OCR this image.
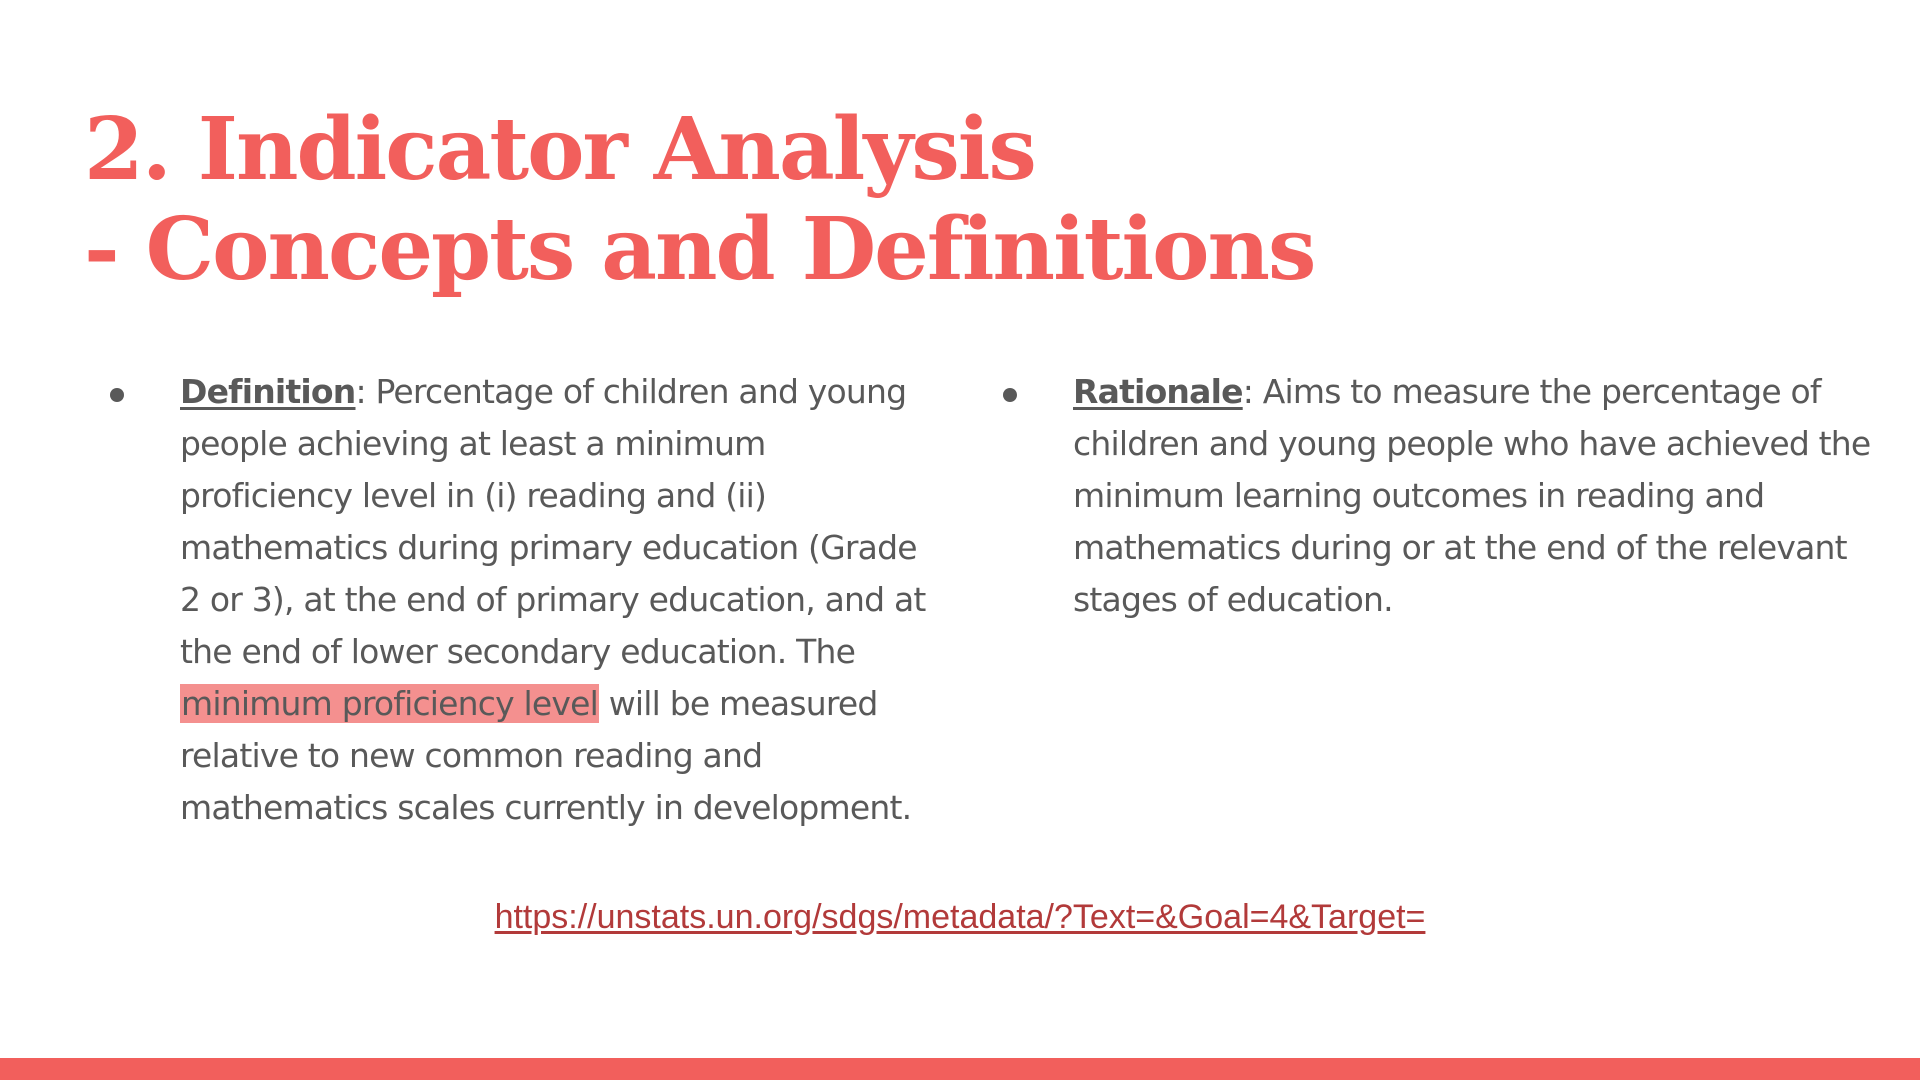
2. Indicator Analysis
- Concepts and Definitions

Definition: Percentage of children and young people achieving at least a minimum proficiency level in (i) reading and (ii) mathematics during primary education (Grade 2 or 3), at the end of primary education, and at the end of lower secondary education. The minimum proficiency level will be measured relative to new common reading and mathematics scales currently in development.

Rationale: Aims to measure the percentage of children and young people who have achieved the minimum learning outcomes in reading and mathematics during or at the end of the relevant stages of education.

https://unstats.un.org/sdgs/metadata/?Text=&Goal=4&Target=
